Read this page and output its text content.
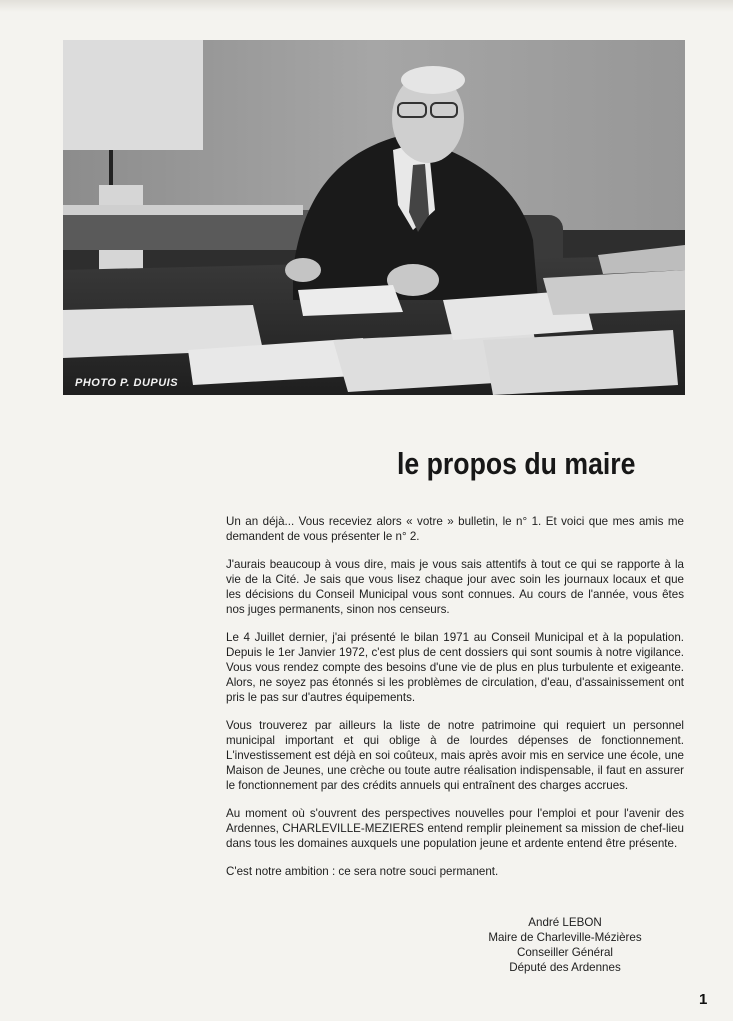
PHOTO P. DUPUIS
le propos du maire

Un an déjà... Vous receviez alors « votre » bulletin, le n° 1. Et voici que mes amis me demandent de vous présenter le n° 2.

J'aurais beaucoup à vous dire, mais je vous sais attentifs à tout ce qui se rapporte à la vie de la Cité. Je sais que vous lisez chaque jour avec soin les journaux locaux et que les décisions du Conseil Municipal vous sont connues. Au cours de l'année, vous êtes nos juges permanents, sinon nos censeurs.

Le 4 Juillet dernier, j'ai présenté le bilan 1971 au Conseil Municipal et à la population. Depuis le 1er Janvier 1972, c'est plus de cent dossiers qui sont soumis à notre vigilance. Vous vous rendez compte des besoins d'une vie de plus en plus turbulente et exigeante. Alors, ne soyez pas étonnés si les problèmes de circulation, d'eau, d'assainissement ont pris le pas sur d'autres équipements.

Vous trouverez par ailleurs la liste de notre patrimoine qui requiert un personnel municipal important et qui oblige à de lourdes dépenses de fonctionnement. L'investissement est déjà en soi coûteux, mais après avoir mis en service une école, une Maison de Jeunes, une crèche ou toute autre réalisation indispensable, il faut en assurer le fonctionnement par des crédits annuels qui entraînent des charges accrues.

Au moment où s'ouvrent des perspectives nouvelles pour l'emploi et pour l'avenir des Ardennes, CHARLEVILLE-MEZIERES entend remplir pleinement sa mission de chef-lieu dans tous les domaines auxquels une population jeune et ardente entend être présente.

C'est notre ambition : ce sera notre souci permanent.

André LEBON
Maire de Charleville-Mézières
Conseiller Général
Député des Ardennes
1
